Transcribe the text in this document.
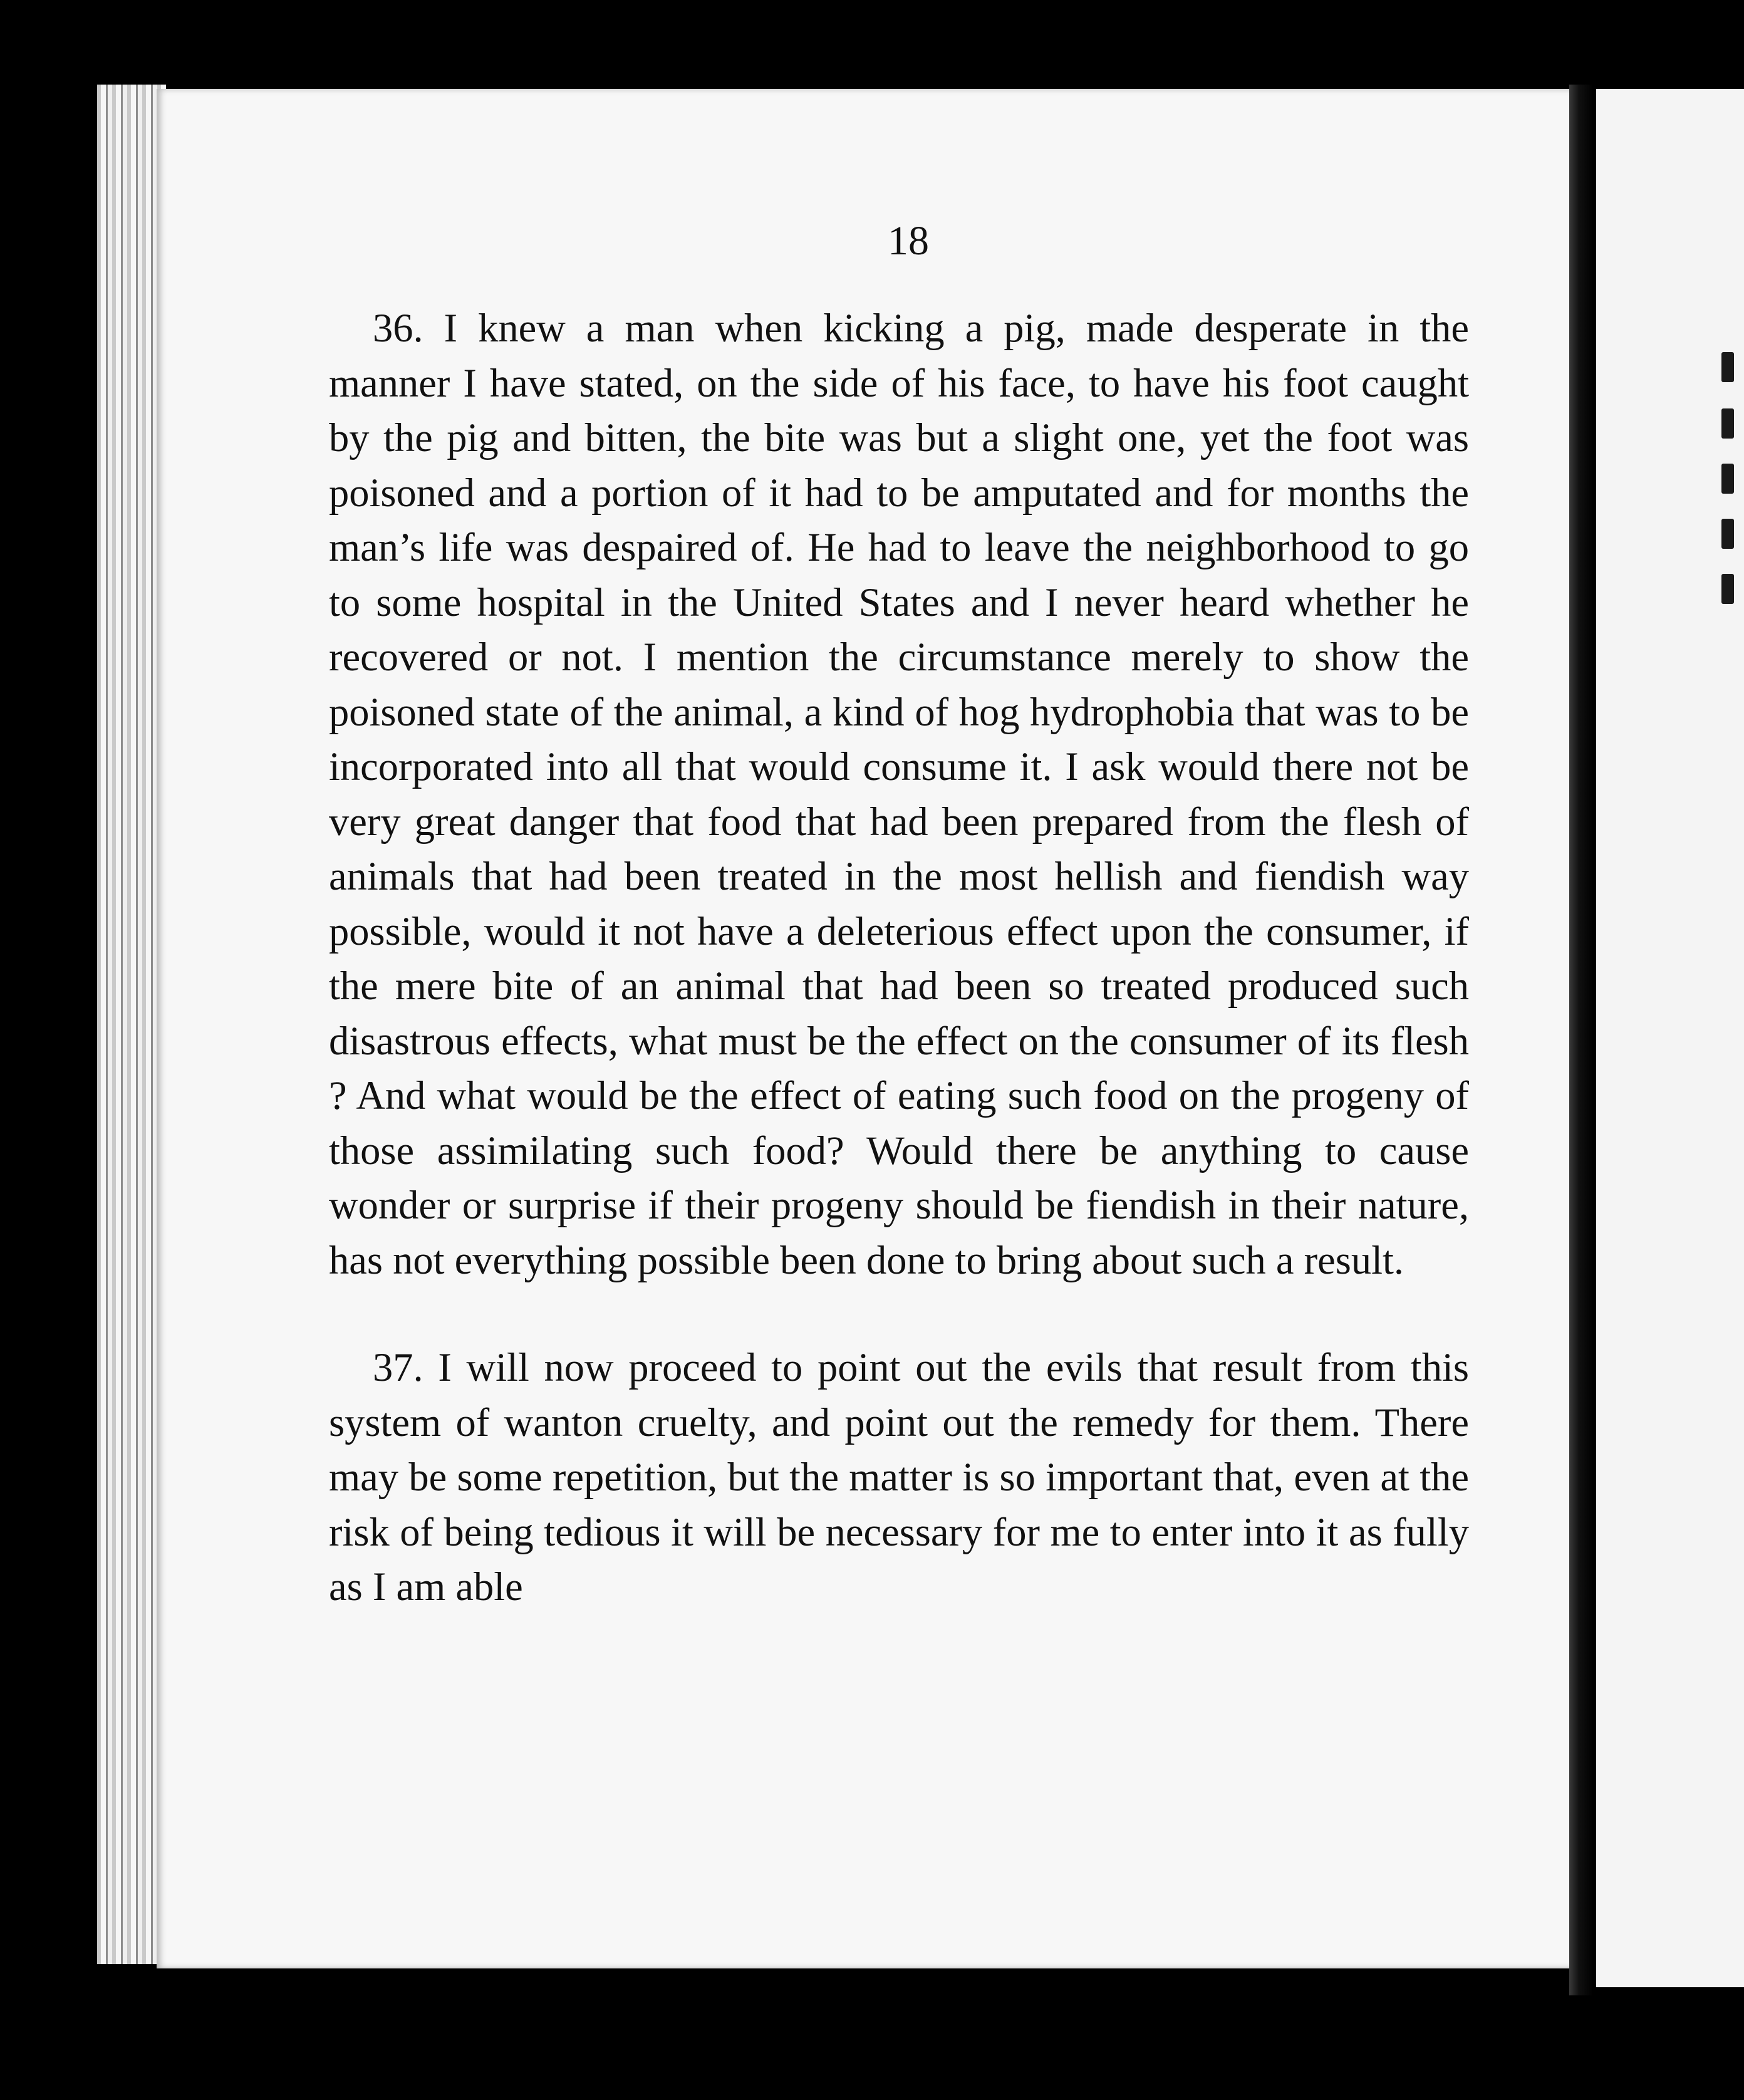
18

36. I knew a man when kicking a pig, made desperate in the manner I have stated, on the side of his face, to have his foot caught by the pig and bitten, the bite was but a slight one, yet the foot was poisoned and a portion of it had to be amputated and for months the man’s life was despaired of. He had to leave the neighborhood to go to some hospital in the United States and I never heard whether he recovered or not. I mention the circumstance merely to show the poisoned state of the animal, a kind of hog hydrophobia that was to be incorporated into all that would consume it. I ask would there not be very great danger that food that had been prepared from the flesh of animals that had been treated in the most hellish and fiendish way possible, would it not have a deleterious effect upon the consumer, if the mere bite of an animal that had been so treated produced such disastrous effects, what must be the effect on the consumer of its flesh ? And what would be the effect of eating such food on the progeny of those assimilating such food? Would there be anything to cause wonder or surprise if their progeny should be fiendish in their nature, has not everything possible been done to bring about such a result.

37. I will now proceed to point out the evils that result from this system of wanton cruelty, and point out the remedy for them. There may be some repetition, but the matter is so important that, even at the risk of being tedious it will be necessary for me to enter into it as fully as I am able
